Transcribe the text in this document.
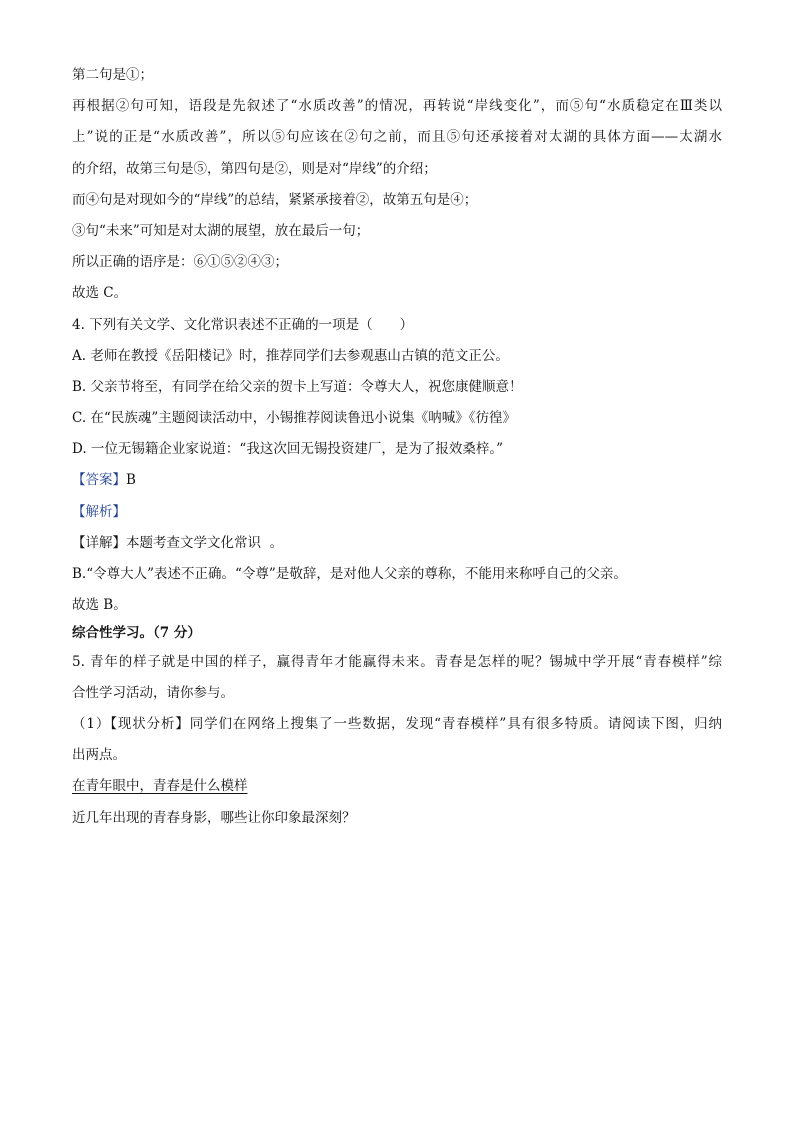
第二句是①；
再根据②句可知，语段是先叙述了“水质改善”的情况，再转说“岸线变化”，而⑤句“水质稳定在Ⅲ类以
上”说的正是“水质改善”，所以⑤句应该在②句之前，而且⑤句还承接着对太湖的具体方面——太湖水
的介绍，故第三句是⑤，第四句是②，则是对“岸线”的介绍；
而④句是对现如今的“岸线”的总结，紧紧承接着②，故第五句是④；
③句“未来”可知是对太湖的展望，放在最后一句；
所以正确的语序是：⑥①⑤②④③；
故选 C。
4. 下列有关文学、文化常识表述不正确的一项是（　　）
A. 老师在教授《岳阳楼记》时，推荐同学们去参观惠山古镇的范文正公。
B. 父亲节将至，有同学在给父亲的贺卡上写道：令尊大人，祝您康健顺意！
C. 在“民族魂”主题阅读活动中，小锡推荐阅读鲁迅小说集《呐喊》《彷徨》
D. 一位无锡籍企业家说道：“我这次回无锡投资建厂，是为了报效桑梓。”
【答案】B
【解析】
【详解】本题考查文学文化常识  。
B.“令尊大人”表述不正确。“令尊”是敬辞，是对他人父亲的尊称，不能用来称呼自己的父亲。
故选 B。
综合性学习。（7 分）
5. 青年的样子就是中国的样子，赢得青年才能赢得未来。青春是怎样的呢？锡城中学开展“青春模样”综
合性学习活动，请你参与。
（1）【现状分析】同学们在网络上搜集了一些数据，发现“青春模样”具有很多特质。请阅读下图，归纳
出两点。
在青年眼中，青春是什么模样
近几年出现的青春身影，哪些让你印象最深刻？
